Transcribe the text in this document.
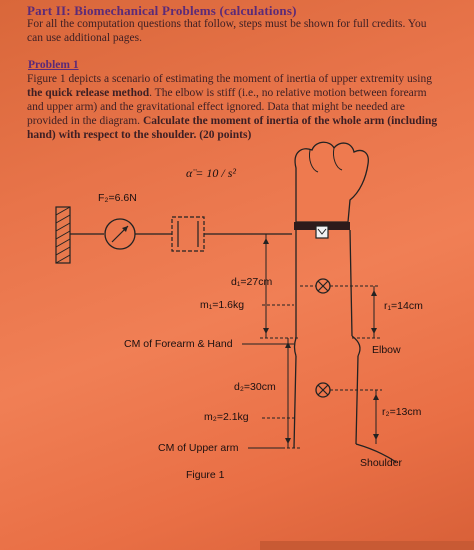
Part II: Biomechanical Problems (calculations)
For all the computation questions that follow, steps must be shown for full credits. You
can use additional pages.
Problem 1
Figure 1 depicts a scenario of estimating the moment of inertia of upper extremity using
the quick release method. The elbow is stiff (i.e., no relative motion between forearm
and upper arm) and the gravitational effect ignored. Data that might be needed are
provided in the diagram. Calculate the moment of inertia of the whole arm (including
hand) with respect to the shoulder. (20 points)
α̈ = 10 / s²
F₂=6.6N
d₁=27cm
m₁=1.6kg	r₁=14cm
CM of Forearm & Hand	Elbow
d₂=30cm
m₂=2.1kg	r₂=13cm
CM of Upper arm
Shoulder
Figure 1
